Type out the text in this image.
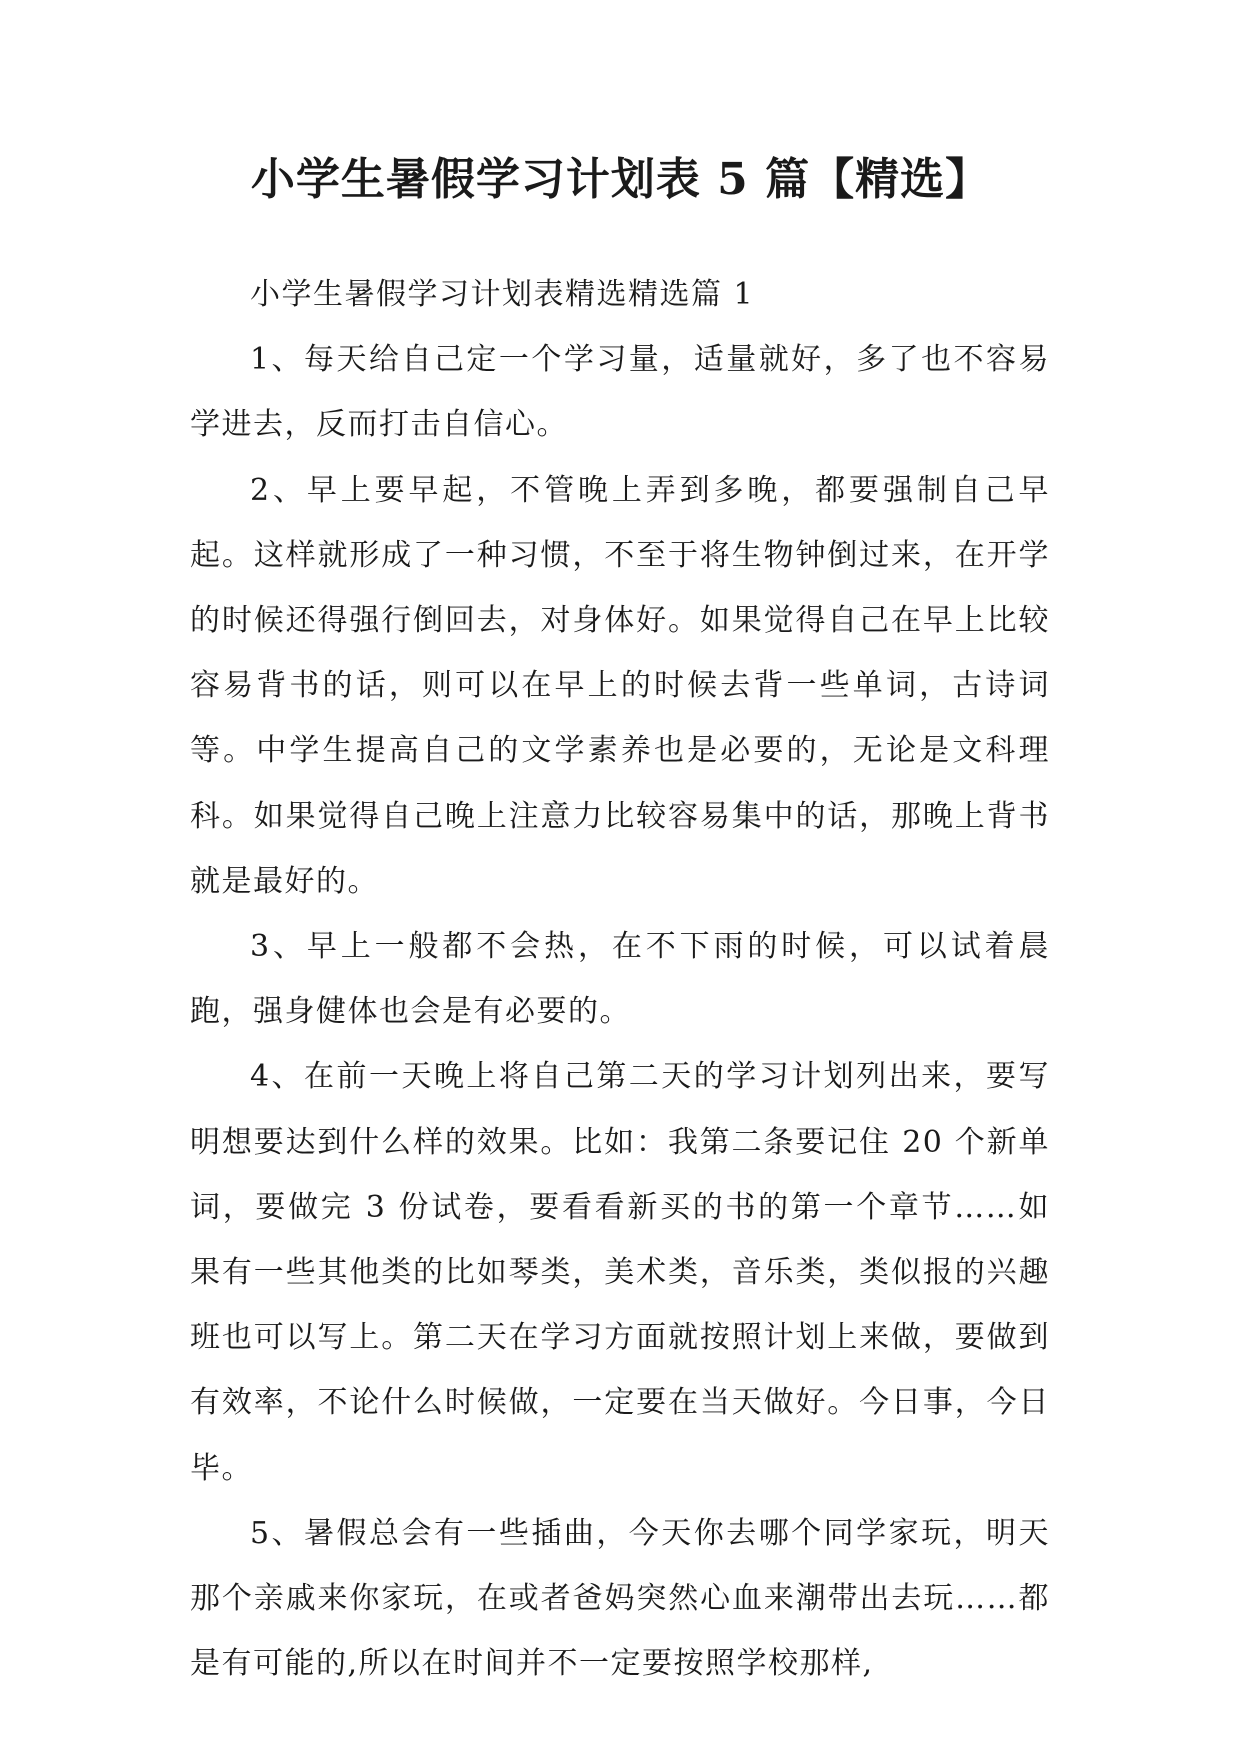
小学生暑假学习计划表 5 篇【精选】

小学生暑假学习计划表精选精选篇 1

1、每天给自己定一个学习量，适量就好，多了也不容易学进去，反而打击自信心。

2、早上要早起，不管晚上弄到多晚，都要强制自己早起。这样就形成了一种习惯，不至于将生物钟倒过来，在开学的时候还得强行倒回去，对身体好。如果觉得自己在早上比较容易背书的话，则可以在早上的时候去背一些单词，古诗词等。中学生提高自己的文学素养也是必要的，无论是文科理科。如果觉得自己晚上注意力比较容易集中的话，那晚上背书就是最好的。

3、早上一般都不会热，在不下雨的时候，可以试着晨跑，强身健体也会是有必要的。

4、在前一天晚上将自己第二天的学习计划列出来，要写明想要达到什么样的效果。比如：我第二条要记住 20 个新单词，要做完 3 份试卷，要看看新买的书的第一个章节……如果有一些其他类的比如琴类，美术类，音乐类，类似报的兴趣班也可以写上。第二天在学习方面就按照计划上来做，要做到有效率，不论什么时候做，一定要在当天做好。今日事，今日毕。

5、暑假总会有一些插曲，今天你去哪个同学家玩，明天那个亲戚来你家玩，在或者爸妈突然心血来潮带出去玩……都是有可能的,所以在时间并不一定要按照学校那样,
